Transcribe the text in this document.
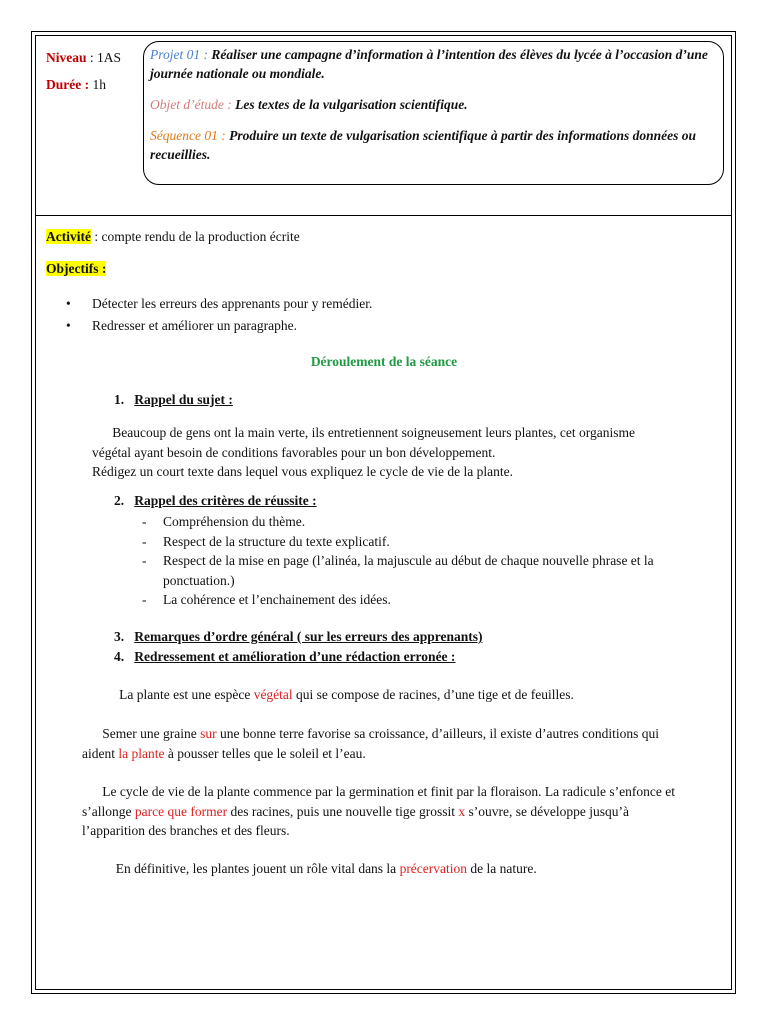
Niveau : 1AS
Durée : 1h

Projet 01 : Réaliser une campagne d’information à l’intention des élèves du lycée à l’occasion d’une journée nationale ou mondiale.

Objet d’étude : Les textes de la vulgarisation scientifique.

Séquence 01 : Produire un texte de vulgarisation scientifique à partir des informations données ou recueillies.

Activité : compte rendu de la production écrite
Objectifs :
• Détecter les erreurs des apprenants pour y remédier.
• Redresser et améliorer un paragraphe.
Déroulement de la séance
1. Rappel du sujet :

Beaucoup de gens ont la main verte, ils entretiennent soigneusement leurs plantes, cet organisme végétal ayant besoin de conditions favorables pour un bon développement.

Rédigez un court texte dans lequel vous expliquez le cycle de vie de la plante.

2. Rappel des critères de réussite :
- Compréhension du thème.
- Respect de la structure du texte explicatif.
- Respect de la mise en page (l’alinéa, la majuscule au début de chaque nouvelle phrase et la ponctuation.)
- La cohérence et l’enchainement des idées.
3. Remarques d’ordre général ( sur les erreurs des apprenants)
4. Redressement et amélioration d’une rédaction erronée :

La plante est une espèce végétal qui se compose de racines, d’une tige et de feuilles.

Semer une graine sur une bonne terre favorise sa croissance, d’ailleurs, il existe d’autres conditions qui aident la plante à pousser telles que le soleil et l’eau.

Le cycle de vie de la plante commence par la germination et finit par la floraison. La radicule s’enfonce et s’allonge parce que former des racines, puis une nouvelle tige grossit x s’ouvre, se développe jusqu’à l’apparition des branches et des fleurs.

En définitive, les plantes jouent un rôle vital dans la précervation de la nature.
